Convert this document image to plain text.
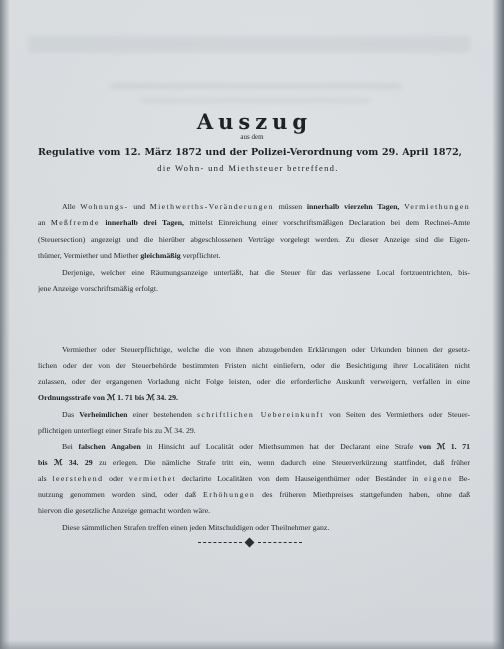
Auszug
aus dem
Regulative vom 12. März 1872 und der Polizei-Verordnung vom 29. April 1872,
die Wohn- und Miethsteuer betreffend.
Alle Wohnungs- und Miethwerths-Veränderungen müssen innerhalb vierzehn Tagen, Vermiethungen
an Meßfremde innerhalb drei Tagen, mittelst Einreichung einer vorschriftsmäßigen Declaration bei dem Rechnei-Amte
(Steuersection) angezeigt und die hierüber abgeschlossenen Verträge vorgelegt werden. Zu dieser Anzeige sind die Eigen-
thümer, Vermiether und Miether gleichmäßig verpflichtet.
Derjenige, welcher eine Räumungsanzeige unterläßt, hat die Steuer für das verlassene Local fortzuentrichten, bis-
jene Anzeige vorschriftsmäßig erfolgt.
Vermiether oder Steuerpflichtige, welche die von ihnen abzugebenden Erklärungen oder Urkunden binnen der gesetz-
lichen oder der von der Steuerbehörde bestimmten Fristen nicht einliefern, oder die Besichtigung ihrer Localitäten nicht
zulassen, oder der ergangenen Vorladung nicht Folge leisten, oder die erforderliche Auskunft verweigern, verfallen in eine
Ordnungsstrafe von ℳ 1. 71 bis ℳ 34. 29.
Das Verheimlichen einer bestehenden schriftlichen Uebereinkunft von Seiten des Vermiethers oder Steuer-
pflichtigen unterliegt einer Strafe bis zu ℳ 34. 29.
Bei falschen Angaben in Hinsicht auf Localität oder Miethsummen hat der Declarant eine Strafe von ℳ 1. 71
bis ℳ 34. 29 zu erlegen. Die nämliche Strafe tritt ein, wenn dadurch eine Steuerverkürzung stattfindet, daß früher
als leerstehend oder vermiethet declarirte Localitäten von dem Hauseigenthümer oder Beständer in eigene Be-
nutzung genommen worden sind, oder daß Erhöhungen des früheren Miethpreises stattgefunden haben, ohne daß
hiervon die gesetzliche Anzeige gemacht worden wäre.
Diese sämmtlichen Strafen treffen einen jeden Mitschuldigen oder Theilnehmer ganz.
